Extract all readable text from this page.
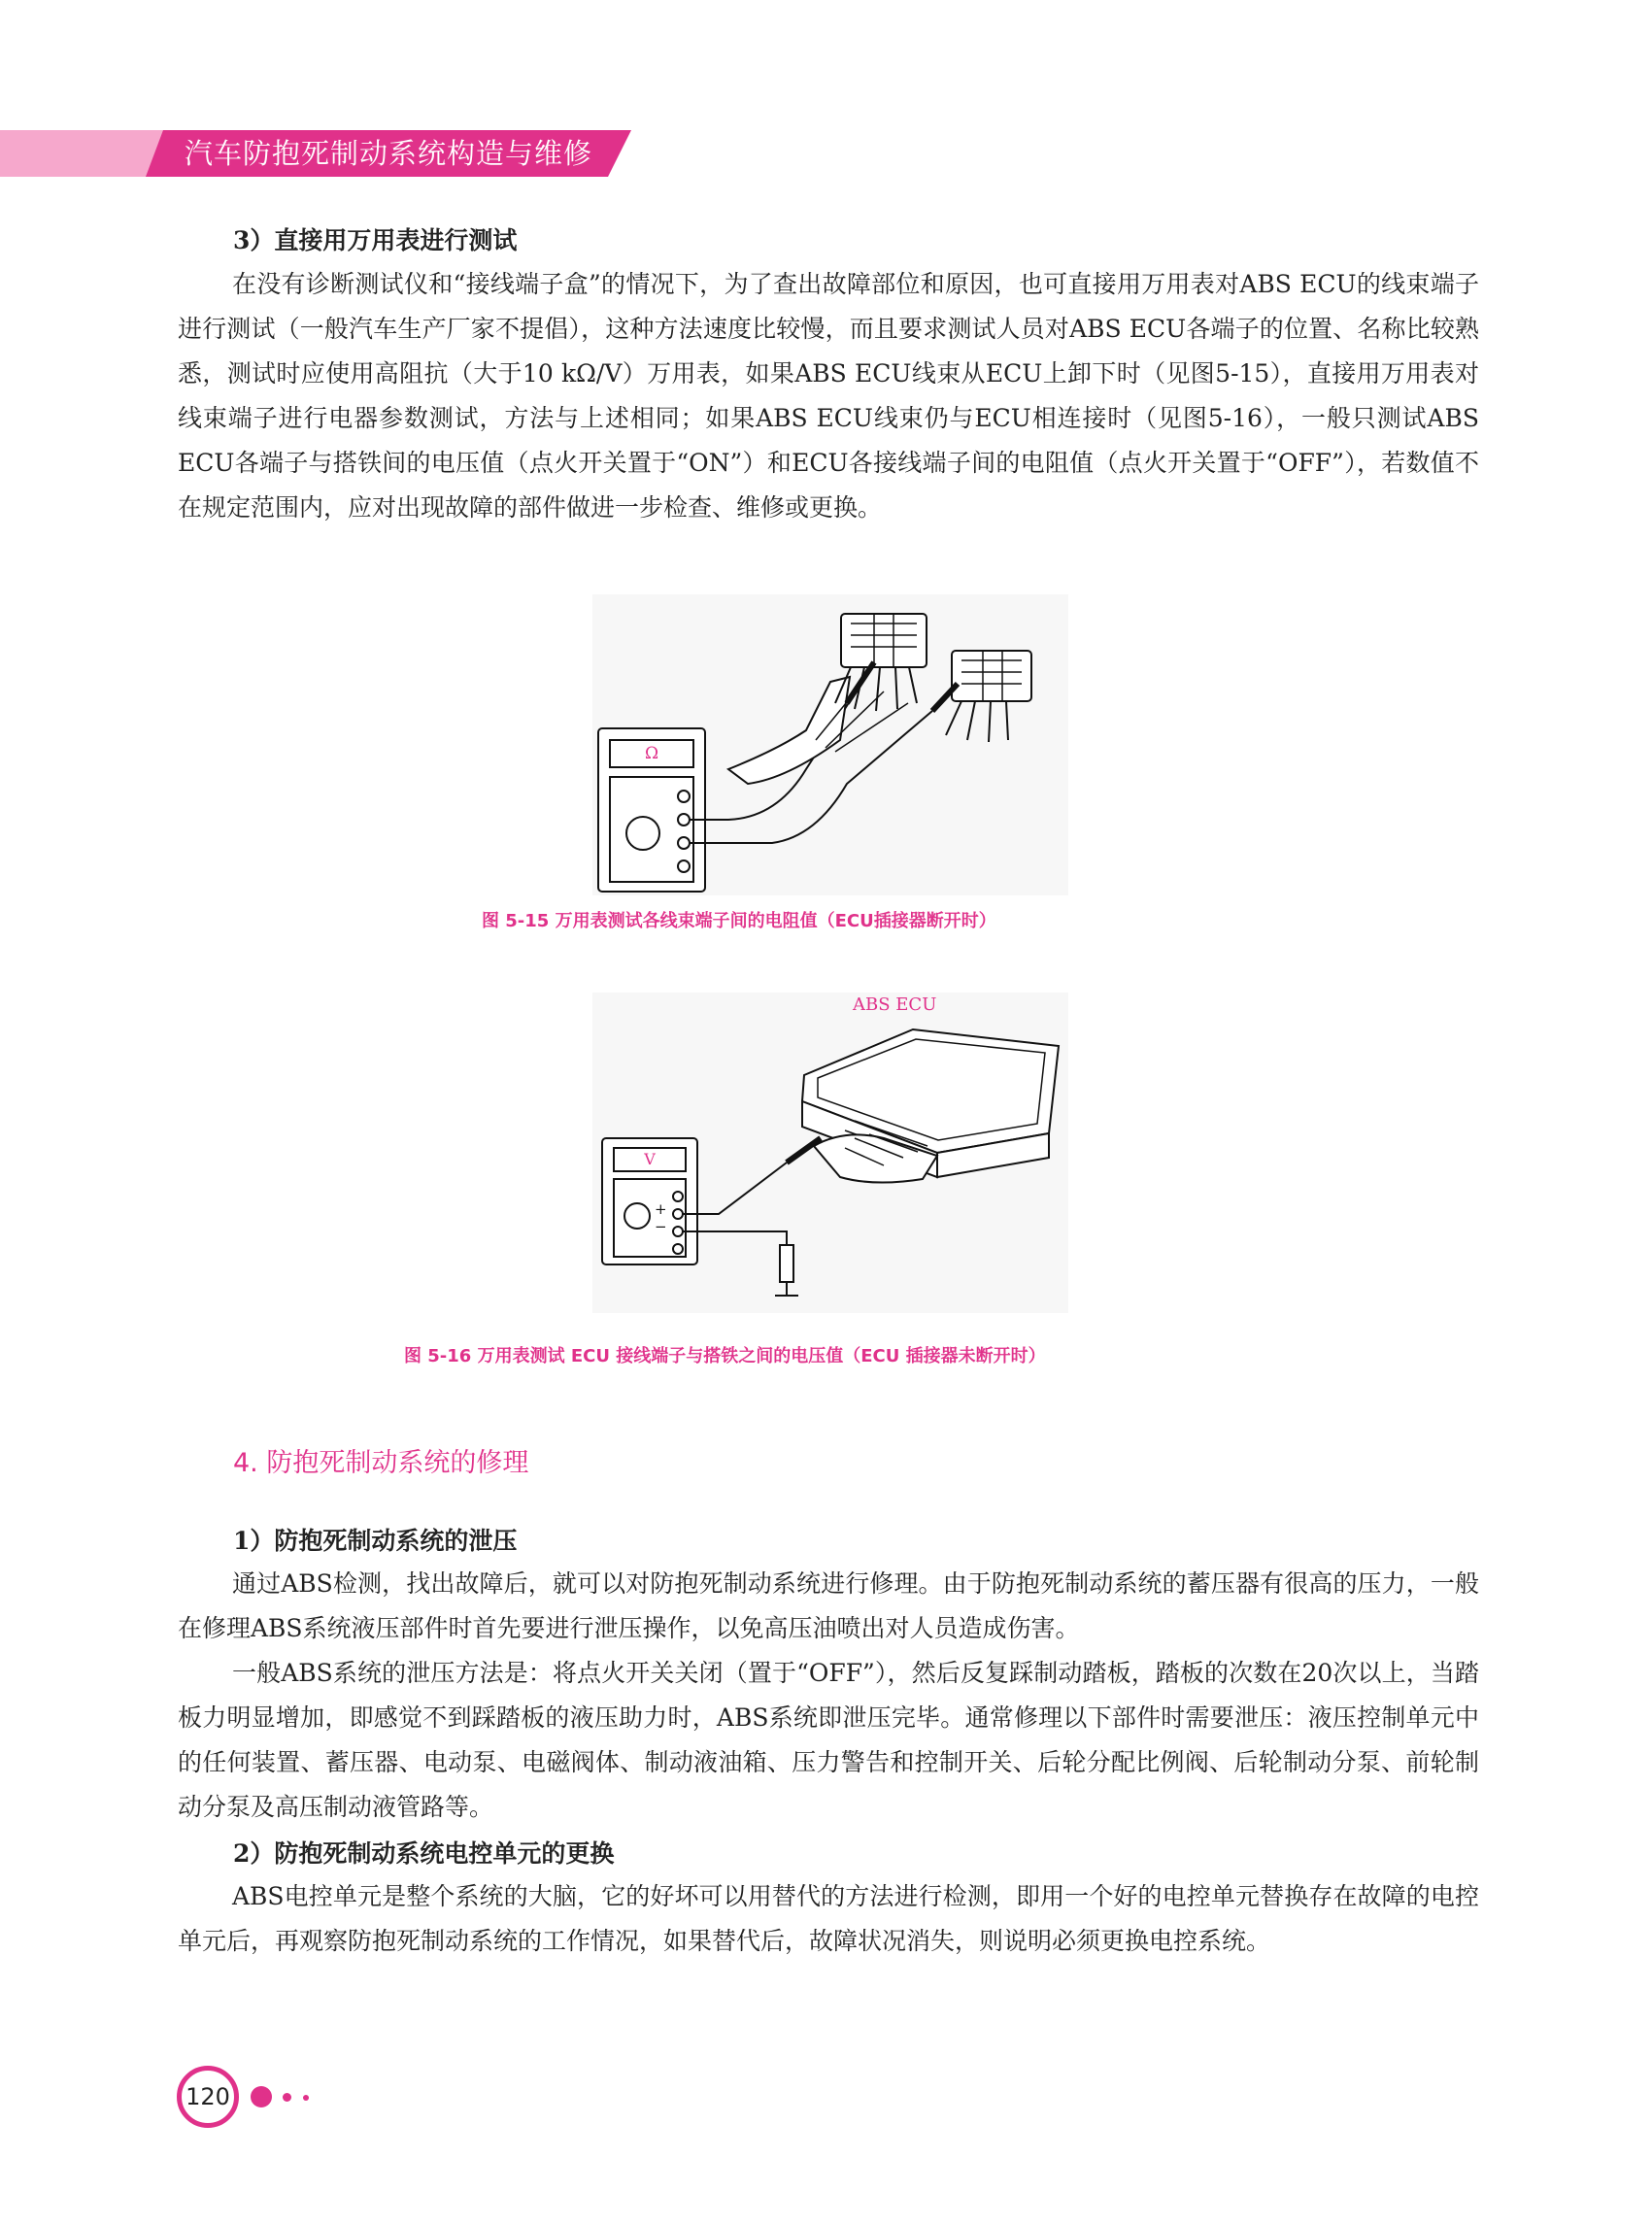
汽车防抱死制动系统构造与维修
3）直接用万用表进行测试

在没有诊断测试仪和“接线端子盒”的情况下，为了查出故障部位和原因，也可直接用万用表对ABS ECU的线束端子进行测试（一般汽车生产厂家不提倡），这种方法速度比较慢，而且要求测试人员对ABS ECU各端子的位置、名称比较熟悉，测试时应使用高阻抗（大于10 kΩ/V）万用表，如果ABS ECU线束从ECU上卸下时（见图5-15），直接用万用表对线束端子进行电器参数测试，方法与上述相同；如果ABS ECU线束仍与ECU相连接时（见图5-16），一般只测试ABS ECU各端子与搭铁间的电压值（点火开关置于“ON”）和ECU各接线端子间的电阻值（点火开关置于“OFF”），若数值不在规定范围内，应对出现故障的部件做进一步检查、维修或更换。

Ω
图 5-15 万用表测试各线束端子间的电阻值（ECU插接器断开时）
ABS ECU
V
+
−
图 5-16 万用表测试 ECU 接线端子与搭铁之间的电压值（ECU 插接器未断开时）
4. 防抱死制动系统的修理
1）防抱死制动系统的泄压

通过ABS检测，找出故障后，就可以对防抱死制动系统进行修理。由于防抱死制动系统的蓄压器有很高的压力，一般在修理ABS系统液压部件时首先要进行泄压操作，以免高压油喷出对人员造成伤害。

一般ABS系统的泄压方法是：将点火开关关闭（置于“OFF”），然后反复踩制动踏板，踏板的次数在20次以上，当踏板力明显增加，即感觉不到踩踏板的液压助力时，ABS系统即泄压完毕。通常修理以下部件时需要泄压：液压控制单元中的任何装置、蓄压器、电动泵、电磁阀体、制动液油箱、压力警告和控制开关、后轮分配比例阀、后轮制动分泵、前轮制动分泵及高压制动液管路等。

2）防抱死制动系统电控单元的更换

ABS电控单元是整个系统的大脑，它的好坏可以用替代的方法进行检测，即用一个好的电控单元替换存在故障的电控单元后，再观察防抱死制动系统的工作情况，如果替代后，故障状况消失，则说明必须更换电控系统。

120
